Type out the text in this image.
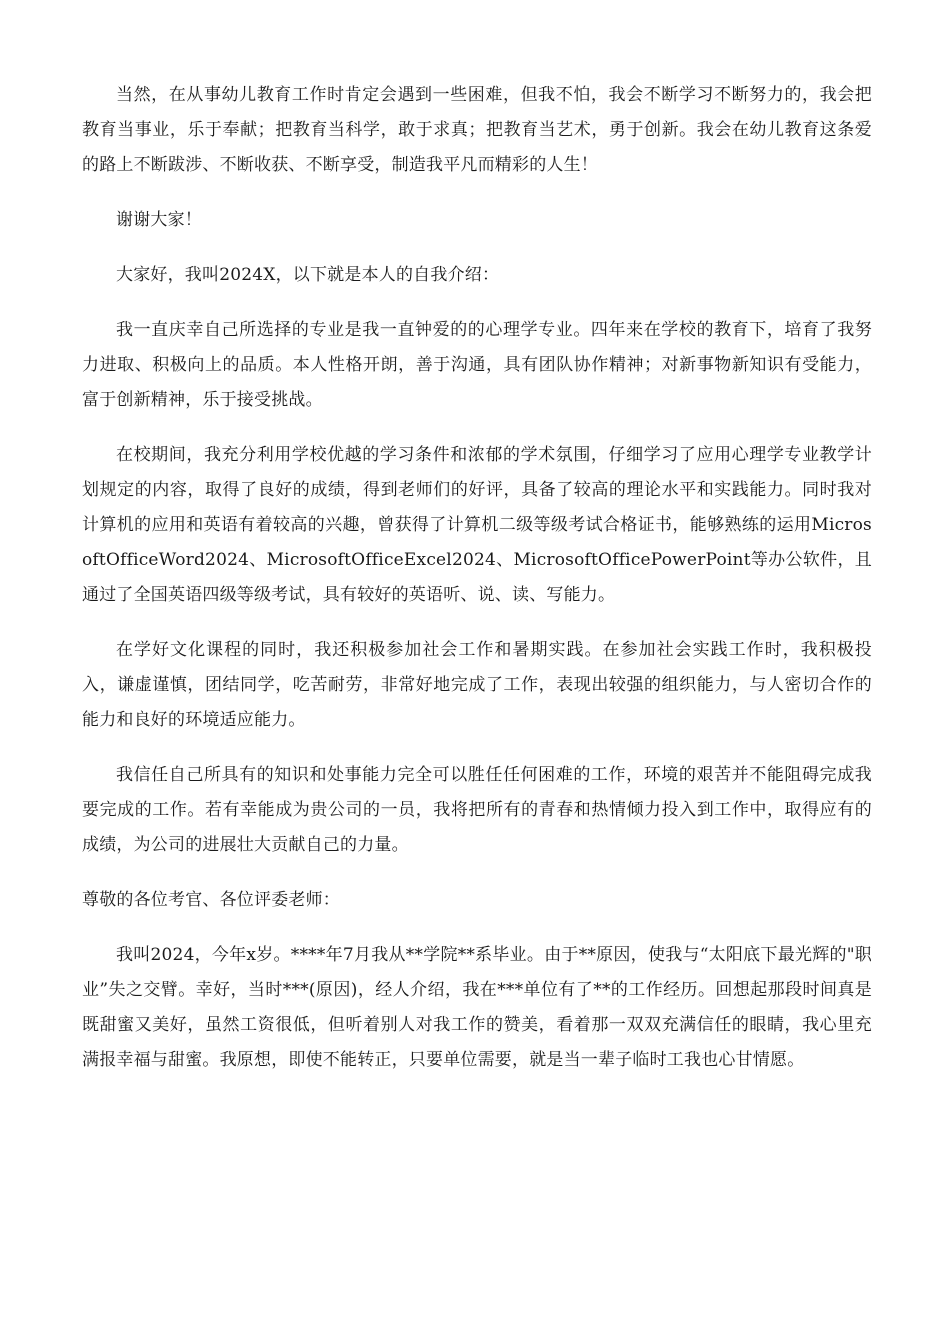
当然，在从事幼儿教育工作时肯定会遇到一些困难，但我不怕，我会不断学习不断努力的，我会把教育当事业，乐于奉献；把教育当科学，敢于求真；把教育当艺术，勇于创新。我会在幼儿教育这条爱的路上不断跋涉、不断收获、不断享受，制造我平凡而精彩的人生！

谢谢大家！

大家好，我叫2024X，以下就是本人的自我介绍：

我一直庆幸自己所选择的专业是我一直钟爱的的心理学专业。四年来在学校的教育下，培育了我努力进取、积极向上的品质。本人性格开朗，善于沟通，具有团队协作精神；对新事物新知识有受能力，富于创新精神，乐于接受挑战。

在校期间，我充分利用学校优越的学习条件和浓郁的学术氛围，仔细学习了应用心理学专业教学计划规定的内容，取得了良好的成绩，得到老师们的好评，具备了较高的理论水平和实践能力。同时我对计算机的应用和英语有着较高的兴趣，曾获得了计算机二级等级考试合格证书，能够熟练的运用MicrosoftOfficeWord2024、MicrosoftOfficeExcel2024、MicrosoftOfficePowerPoint等办公软件，且通过了全国英语四级等级考试，具有较好的英语听、说、读、写能力。

在学好文化课程的同时，我还积极参加社会工作和暑期实践。在参加社会实践工作时，我积极投入，谦虚谨慎，团结同学，吃苦耐劳，非常好地完成了工作，表现出较强的组织能力，与人密切合作的能力和良好的环境适应能力。

我信任自己所具有的知识和处事能力完全可以胜任任何困难的工作，环境的艰苦并不能阻碍完成我要完成的工作。若有幸能成为贵公司的一员，我将把所有的青春和热情倾力投入到工作中，取得应有的成绩，为公司的进展壮大贡献自己的力量。

尊敬的各位考官、各位评委老师：

我叫2024，今年x岁。****年7月我从**学院**系毕业。由于**原因，使我与“太阳底下最光辉的"职业”失之交臂。幸好，当时***(原因)，经人介绍，我在***单位有了**的工作经历。回想起那段时间真是既甜蜜又美好，虽然工资很低，但听着别人对我工作的赞美，看着那一双双充满信任的眼睛，我心里充满报幸福与甜蜜。我原想，即使不能转正，只要单位需要，就是当一辈子临时工我也心甘情愿。
